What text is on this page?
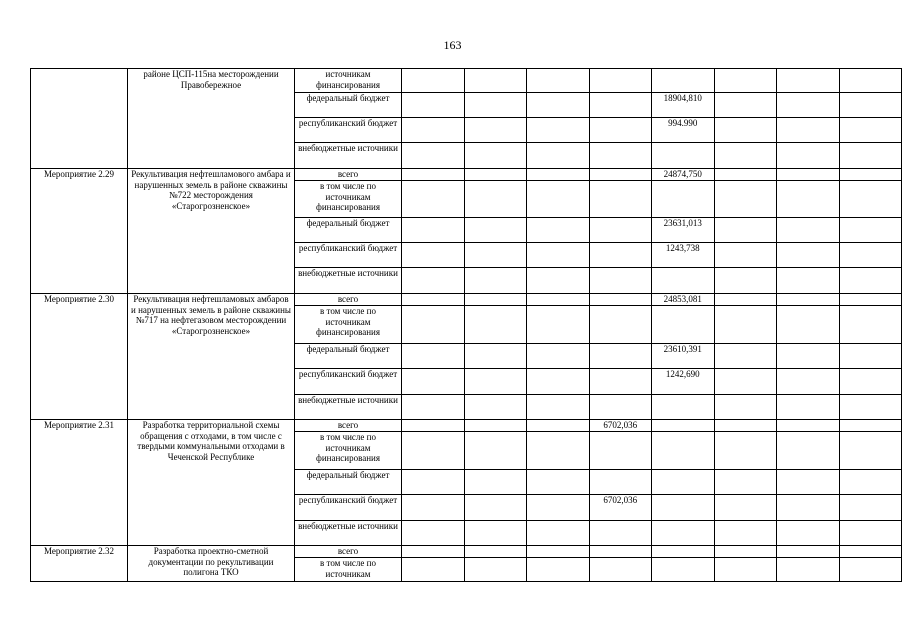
163
	районе ЦСП-115на месторождении Правобережное	источникам финансирования								
		федеральный бюджет					18904,810			
		республиканский бюджет					994.990			
		внебюджетные источники								
Мероприятие 2.29	Рекультивация нефтешламового амбара и нарушенных земель в районе скважины №722 месторождения «Старогрозненское»	всего					24874,750			
		в том числе по источникам финансирования								
		федеральный бюджет					23631,013			
		республиканский бюджет					1243,738			
		внебюджетные источники								
Мероприятие 2.30	Рекультивация нефтешламовых амбаров и нарушенных земель в районе скважины №717 на нефтегазовом месторождении «Старогрозненское»	всего					24853,081			
		в том числе по источникам финансирования								
		федеральный бюджет					23610,391			
		республиканский бюджет					1242,690			
		внебюджетные источники								
Мероприятие 2.31	Разработка территориальной схемы обращения с отходами, в том числе с твердыми коммунальными отходами в Чеченской Республике	всего				6702,036				
		в том числе по источникам финансирования								
		федеральный бюджет								
		республиканский бюджет				6702,036				
		внебюджетные источники								
Мероприятие 2.32	Разработка проектно-сметной документации по рекультивации полигона ТКО	всего								
		в том числе по источникам								
